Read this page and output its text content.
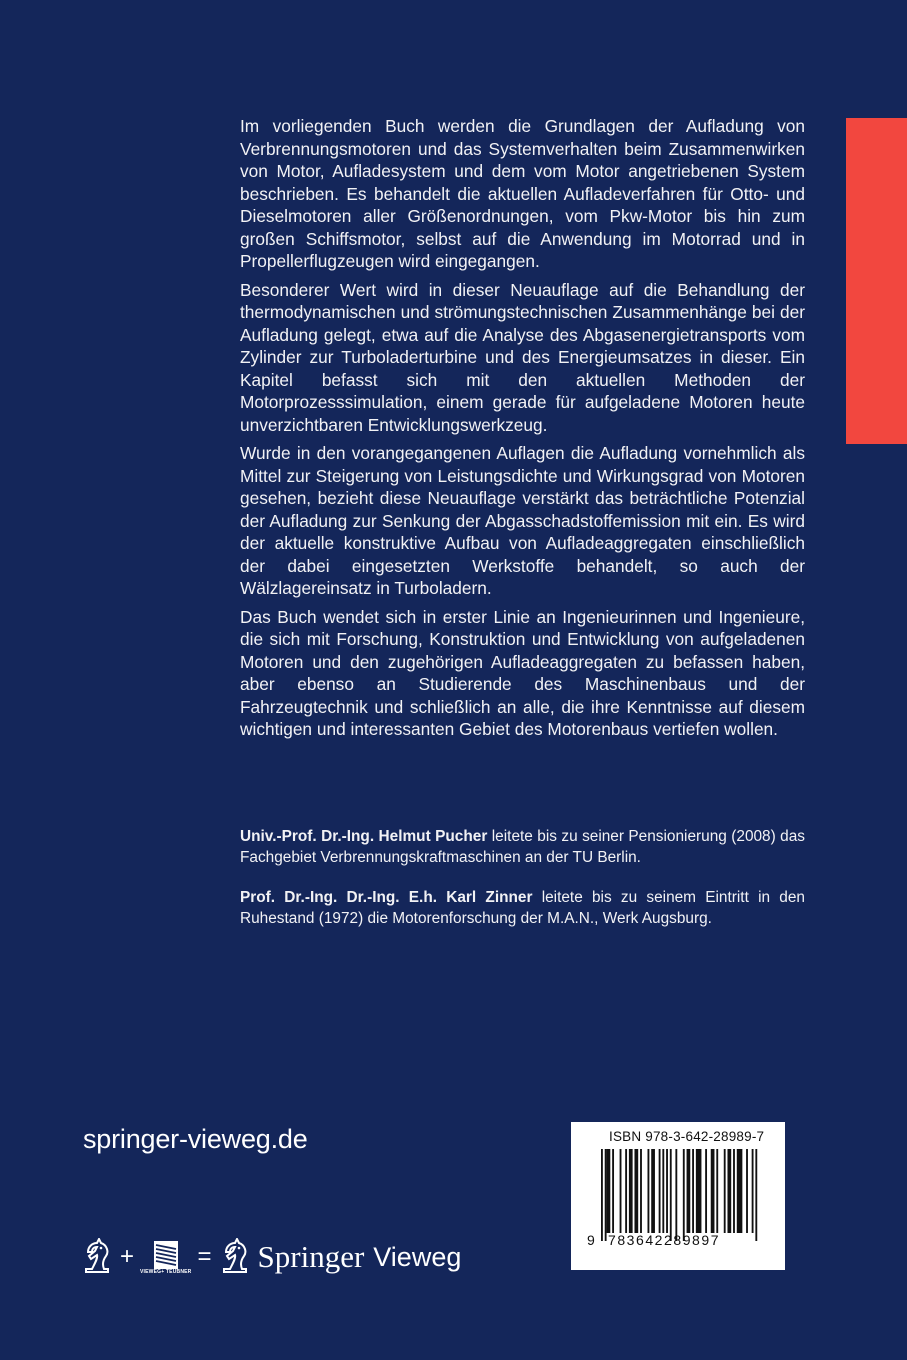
Im vorliegenden Buch werden die Grundlagen der Aufladung von Verbrennungsmotoren und das Systemverhalten beim Zusammenwirken von Motor, Aufladesystem und dem vom Motor angetriebenen System beschrieben. Es behandelt die aktuellen Aufladeverfahren für Otto- und Dieselmotoren aller Größenordnungen, vom Pkw-Motor bis hin zum großen Schiffsmotor, selbst auf die Anwendung im Motorrad und in Propellerflugzeugen wird eingegangen.

Besonderer Wert wird in dieser Neuauflage auf die Behandlung der thermodynamischen und strömungstechnischen Zusammenhänge bei der Aufladung gelegt, etwa auf die Analyse des Abgasenergietransports vom Zylinder zur Turboladerturbine und des Energieumsatzes in dieser. Ein Kapitel befasst sich mit den aktuellen Methoden der Motorprozesssimulation, einem gerade für aufgeladene Motoren heute unverzichtbaren Entwicklungswerkzeug.

Wurde in den vorangegangenen Auflagen die Aufladung vornehmlich als Mittel zur Steigerung von Leistungsdichte und Wirkungsgrad von Motoren gesehen, bezieht diese Neuauflage verstärkt das beträchtliche Potenzial der Aufladung zur Senkung der Abgasschadstoffemission mit ein. Es wird der aktuelle konstruktive Aufbau von Aufladeaggregaten einschließlich der dabei eingesetzten Werkstoffe behandelt, so auch der Wälzlagereinsatz in Turboladern.

Das Buch wendet sich in erster Linie an Ingenieurinnen und Ingenieure, die sich mit Forschung, Konstruktion und Entwicklung von aufgeladenen Motoren und den zugehörigen Aufladeaggregaten zu befassen haben, aber ebenso an Studierende des Maschinenbaus und der Fahrzeugtechnik und schließlich an alle, die ihre Kenntnisse auf diesem wichtigen und interessanten Gebiet des Motorenbaus vertiefen wollen.

Univ.-Prof. Dr.-Ing. Helmut Pucher leitete bis zu seiner Pensionierung (2008) das Fachgebiet Verbrennungskraftmaschinen an der TU Berlin.

Prof. Dr.-Ing. Dr.-Ing. E.h. Karl Zinner leitete bis zu seinem Eintritt in den Ruhestand (1972) die Motorenforschung der M.A.N., Werk Augsburg.

springer-vieweg.de
+
VIEWEG+ TEUBNER
= Springer Vieweg
ISBN 978-3-642-28989-7
9 783642289897
